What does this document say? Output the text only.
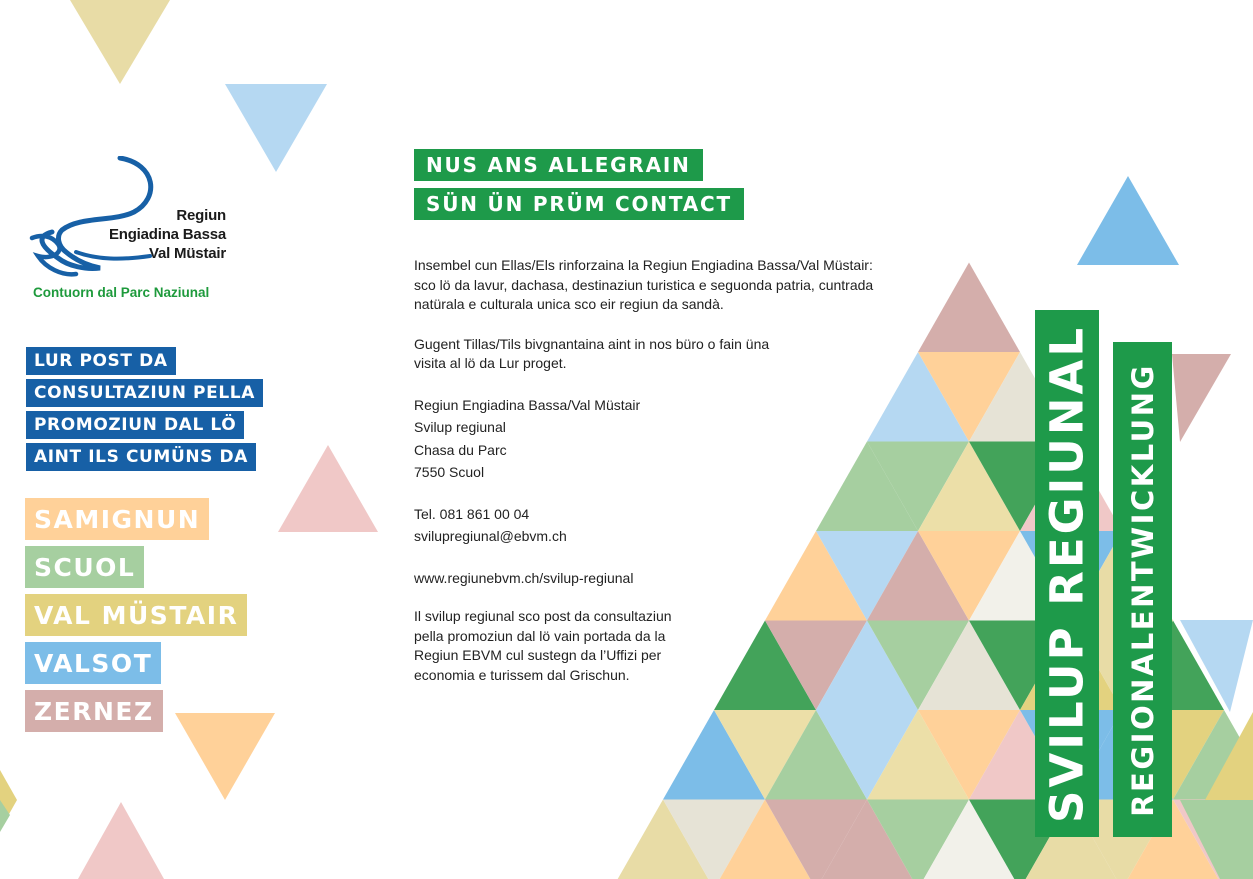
Regiun
Engiadina Bassa
Val Müstair
Contuorn dal Parc Naziunal
LUR POST DA
CONSULTAZIUN PELLA
PROMOZIUN DAL LÖ
AINT ILS CUMÜNS DA
SAMIGNUN
SCUOL
VAL MÜSTAIR
VALSOT
ZERNEZ
NUS ANS ALLEGRAIN
SÜN ÜN PRÜM CONTACT

Insembel cun Ellas/Els rinforzaina la Regiun Engiadina Bassa/Val Müstair: sco lö da lavur, dachasa, destinaziun turistica e seguonda patria, cuntrada natürala e culturala unica sco eir regiun da sandà.

Gugent Tillas/Tils bivgnantaina aint in nos büro o fain üna visita al lö da Lur proget.

Regiun Engiadina Bassa/Val Müstair
Svilup regiunal
Chasa du Parc
7550 Scuol
Tel. 081 861 00 04
svilupregiunal@ebvm.ch
www.regiunebvm.ch/svilup-regiunal

Il svilup regiunal sco post da consultaziun pella promoziun dal lö vain portada da la Regiun EBVM cul sustegn da l’Uffizi per economia e turissem dal Grischun.	SVILUP REGIUNAL REGIONALENTWICKLUNG
